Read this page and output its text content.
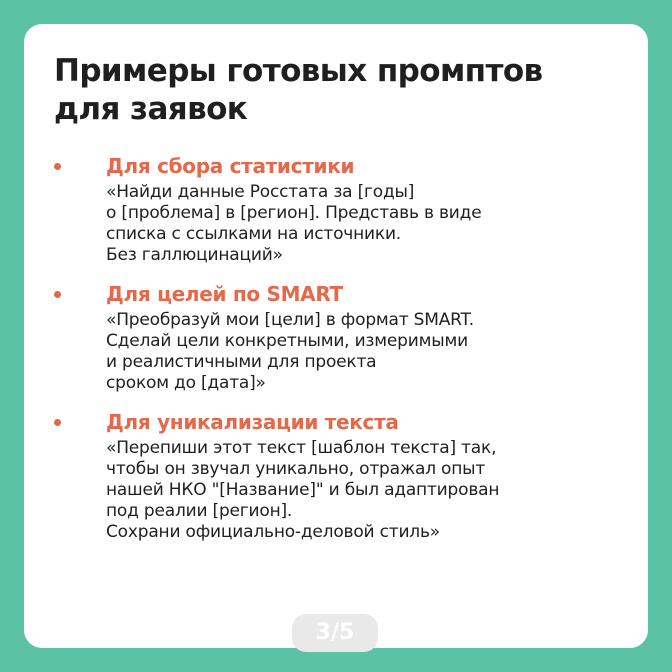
Примеры готовых промптов для заявок
Для сбора статистики
«Найди данные Росстата за [годы]
о [проблема] в [регион]. Представь в виде
списка с ссылками на источники.
Без галлюцинаций»
Для целей по SMART
«Преобразуй мои [цели] в формат SMART.
Сделай цели конкретными, измеримыми
и реалистичными для проекта
сроком до [дата]»
Для уникализации текста
«Перепиши этот текст [шаблон текста] так,
чтобы он звучал уникально, отражал опыт
нашей НКО "[Название]" и был адаптирован
под реалии [регион].
Сохрани официально-деловой стиль»
3/5
